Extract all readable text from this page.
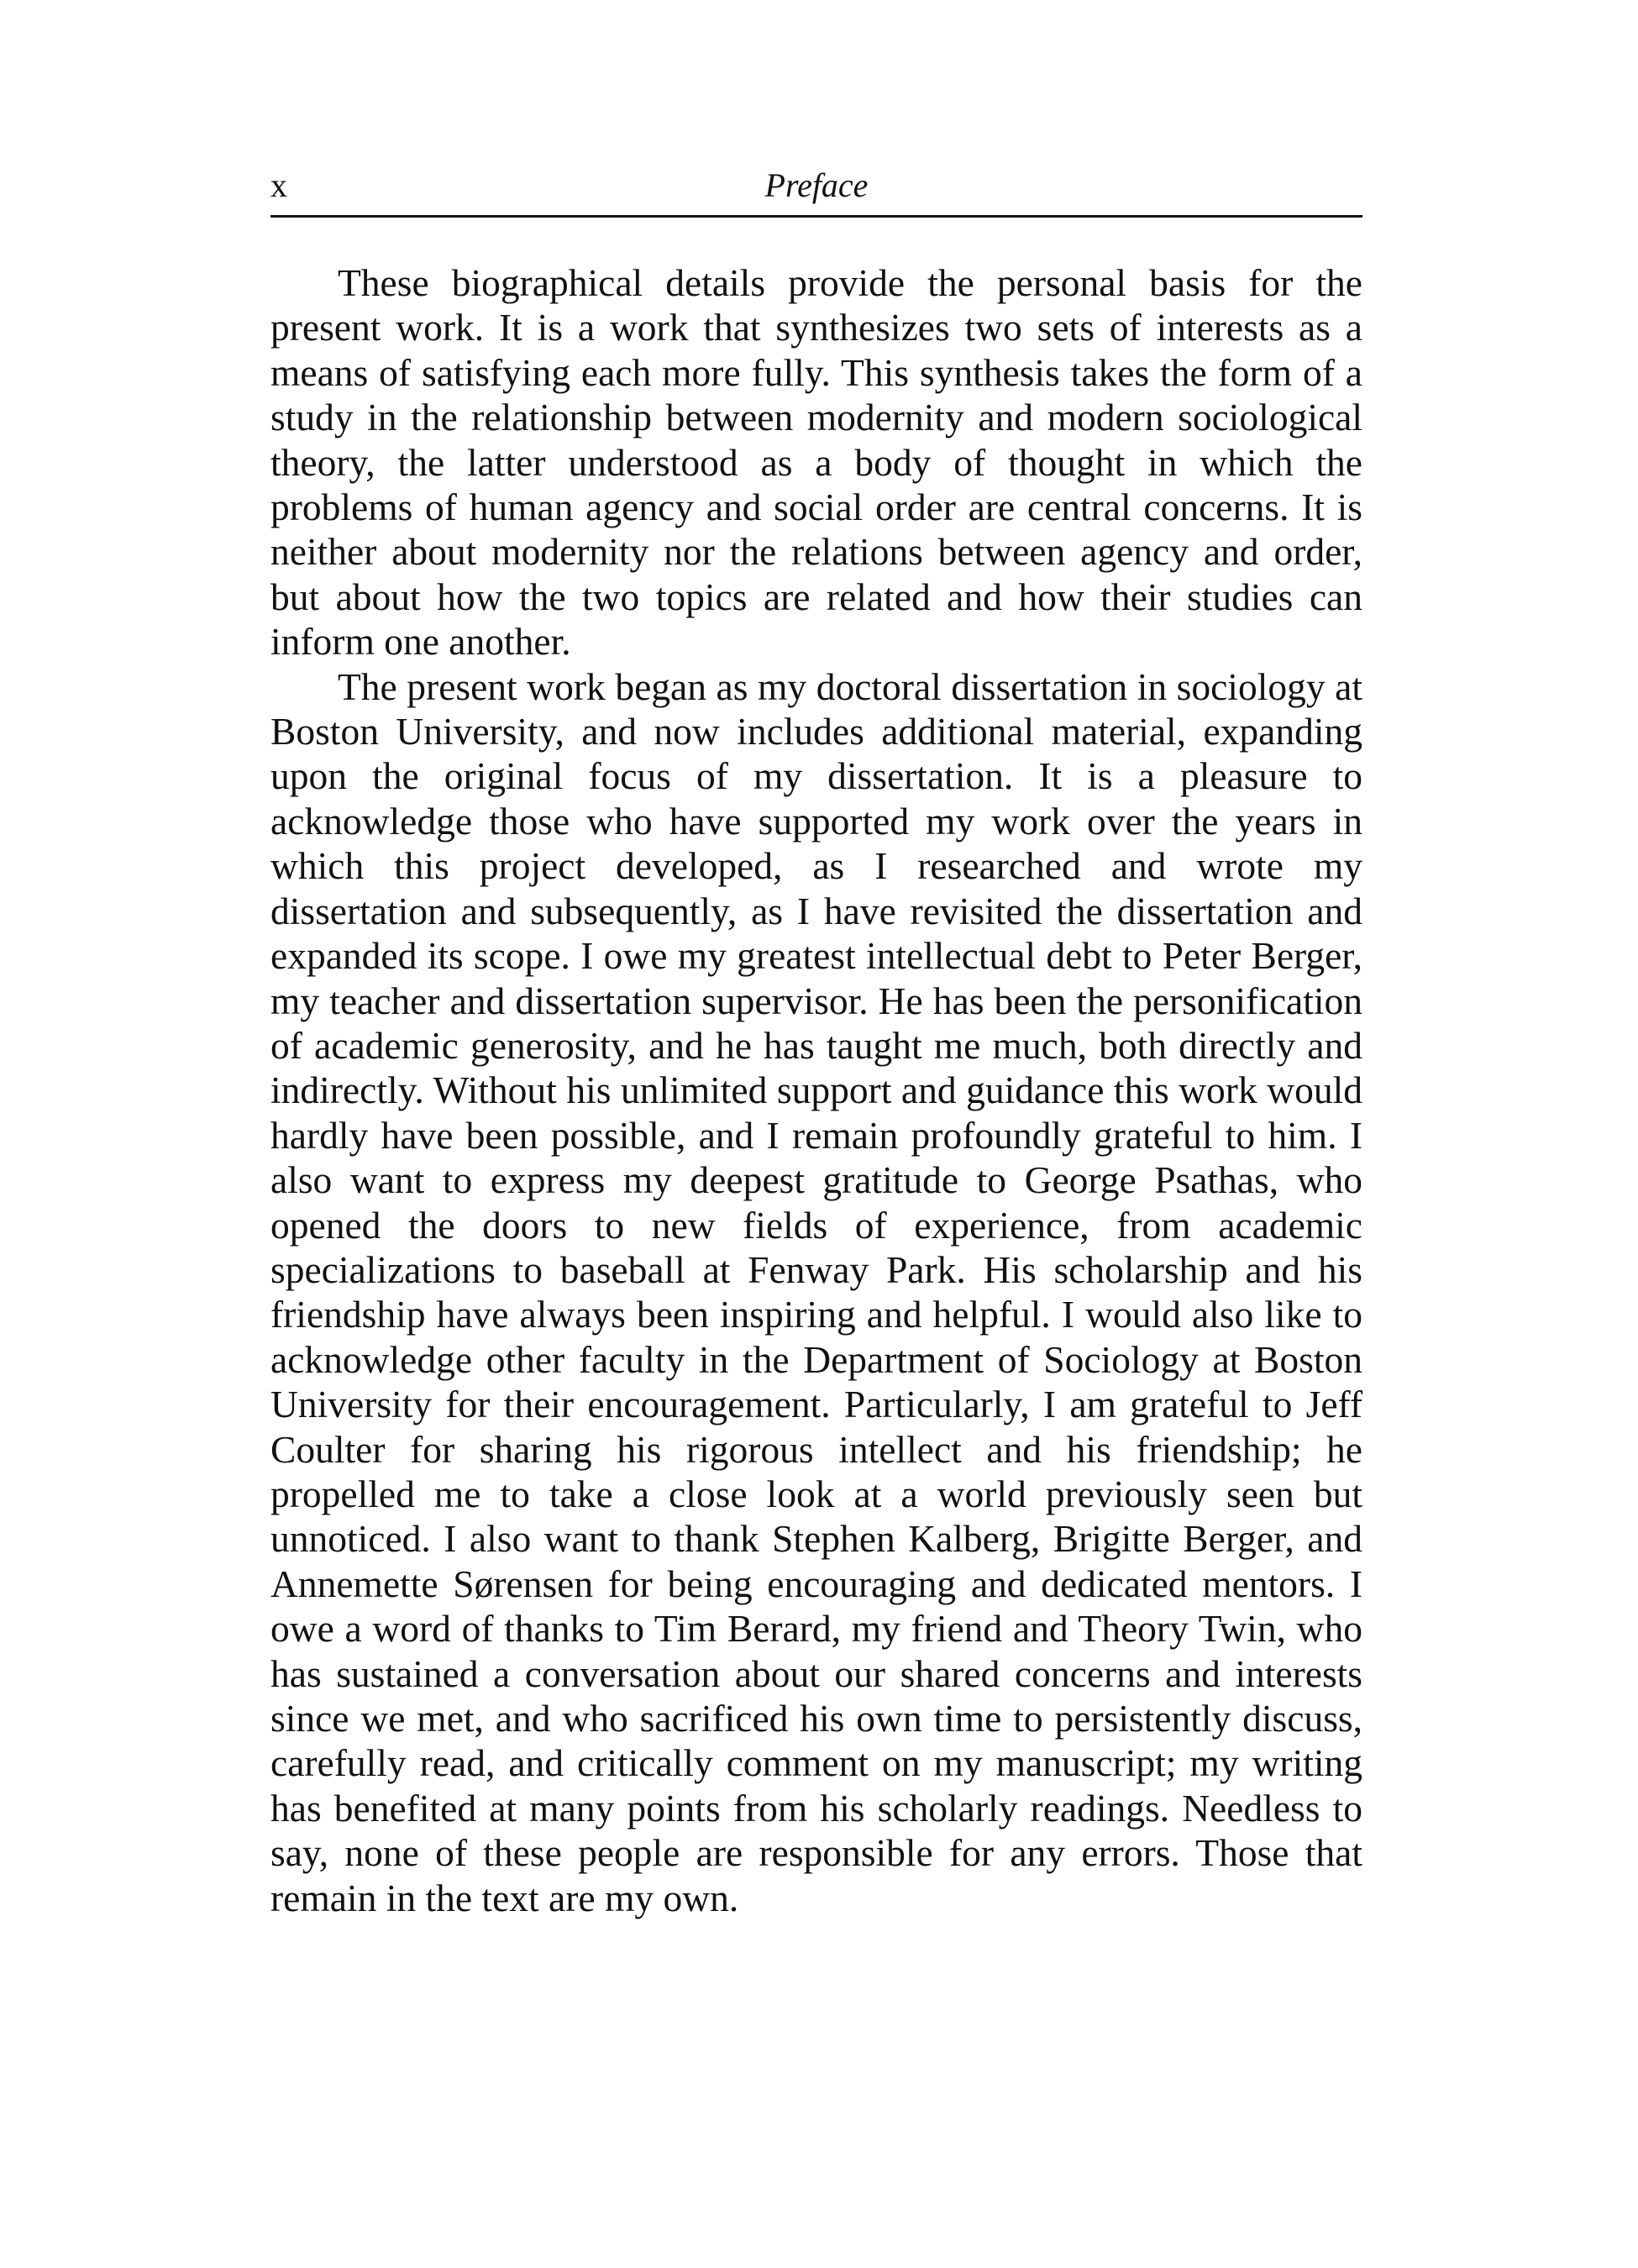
x	Preface

These biographical details provide the personal basis for the present work. It is a work that synthesizes two sets of interests as a means of satisfying each more fully. This synthesis takes the form of a study in the relationship between modernity and modern sociological theory, the latter understood as a body of thought in which the problems of human agency and social order are central concerns. It is neither about modernity nor the relations between agency and order, but about how the two topics are related and how their studies can inform one another.

The present work began as my doctoral dissertation in sociology at Boston University, and now includes additional material, expanding upon the original focus of my dissertation. It is a pleasure to acknowledge those who have supported my work over the years in which this project developed, as I researched and wrote my dissertation and subsequently, as I have revisited the dissertation and expanded its scope. I owe my greatest intellectual debt to Peter Berger, my teacher and dissertation supervisor. He has been the personification of academic generosity, and he has taught me much, both directly and indirectly. Without his unlimited support and guidance this work would hardly have been possible, and I remain profoundly grateful to him. I also want to express my deepest gratitude to George Psathas, who opened the doors to new fields of experience, from academic specializations to baseball at Fenway Park. His scholarship and his friendship have always been inspiring and helpful. I would also like to acknowledge other faculty in the Department of Sociology at Boston University for their encouragement. Particularly, I am grateful to Jeff Coulter for sharing his rigorous intellect and his friendship; he propelled me to take a close look at a world previously seen but unnoticed. I also want to thank Stephen Kalberg, Brigitte Berger, and Annemette Sørensen for being encouraging and dedicated mentors. I owe a word of thanks to Tim Berard, my friend and Theory Twin, who has sustained a conversation about our shared concerns and interests since we met, and who sacrificed his own time to persistently discuss, carefully read, and critically comment on my manuscript; my writing has benefited at many points from his scholarly readings. Needless to say, none of these people are responsible for any errors. Those that remain in the text are my own.
